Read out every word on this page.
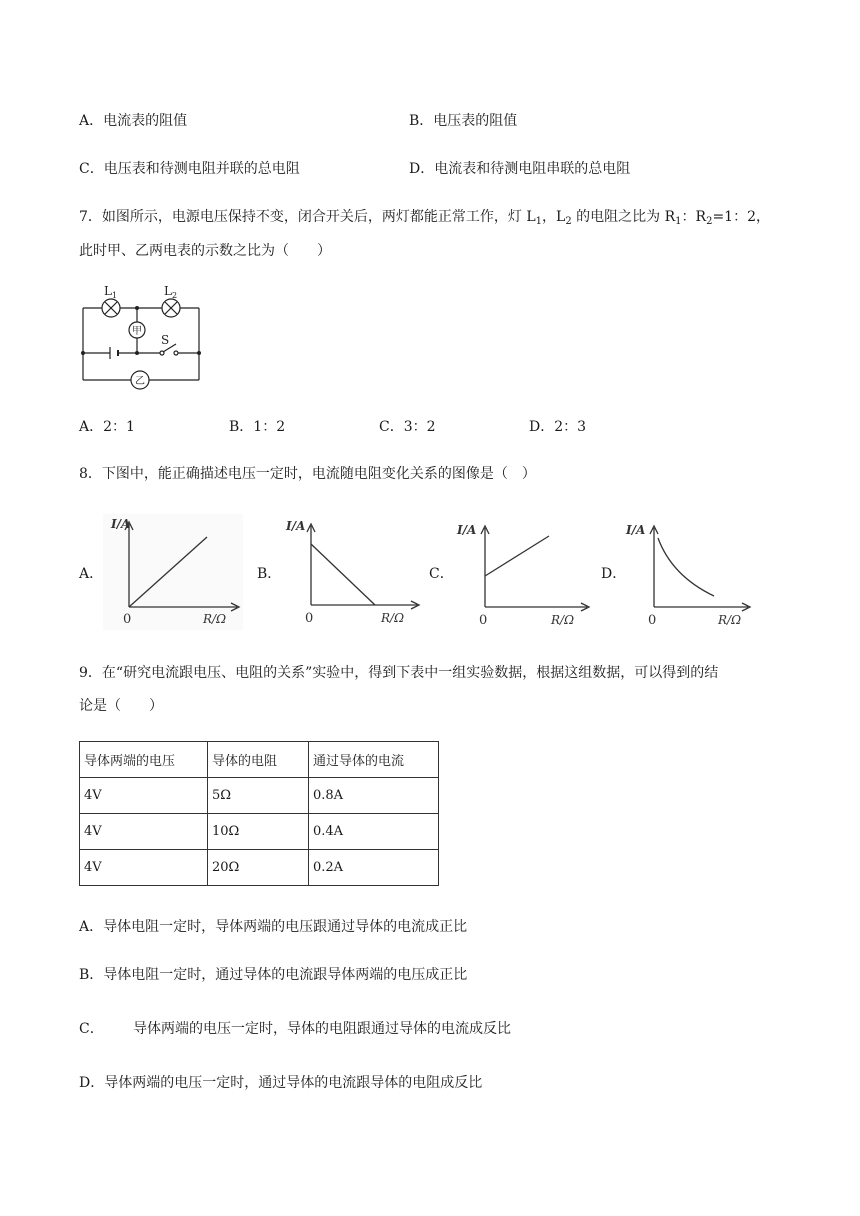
A．电流表的阻值	B．电压表的阻值
C．电压表和待测电阻并联的总电阻	D．电流表和待测电阻串联的总电阻
7．如图所示，电源电压保持不变，闭合开关后，两灯都能正常工作，灯 $L_1$，$L_2$ 的电阻之比为 $R_1$：$R_2=1$：2，
此时甲、乙两电表的示数之比为（　　）
S
$L_1$	$L_2$
甲
乙
A．2：1	B．1：2	C．3：2	D．2：3
8．下图中，能正确描述电压一定时，电流随电阻变化关系的图像是（　）
A．	B．	C．	D．
I/A
0	R/Ω
I/A
0	R/Ω
I/A
0	R/Ω
I/A
0	R/Ω
9．在“研究电流跟电压、电阻的关系”实验中，得到下表中一组实验数据，根据这组数据，可以得到的结
论是（　　）
导体两端的电压	导体的电阻	通过导体的电流
4V	5Ω	0.8A
4V	10Ω	0.4A
4V	20Ω	0.2A
A．导体电阻一定时，导体两端的电压跟通过导体的电流成正比
B．导体电阻一定时，通过导体的电流跟导体两端的电压成正比
C． 导体两端的电压一定时，导体的电阻跟通过导体的电流成反比
D．导体两端的电压一定时，通过导体的电流跟导体的电阻成反比
